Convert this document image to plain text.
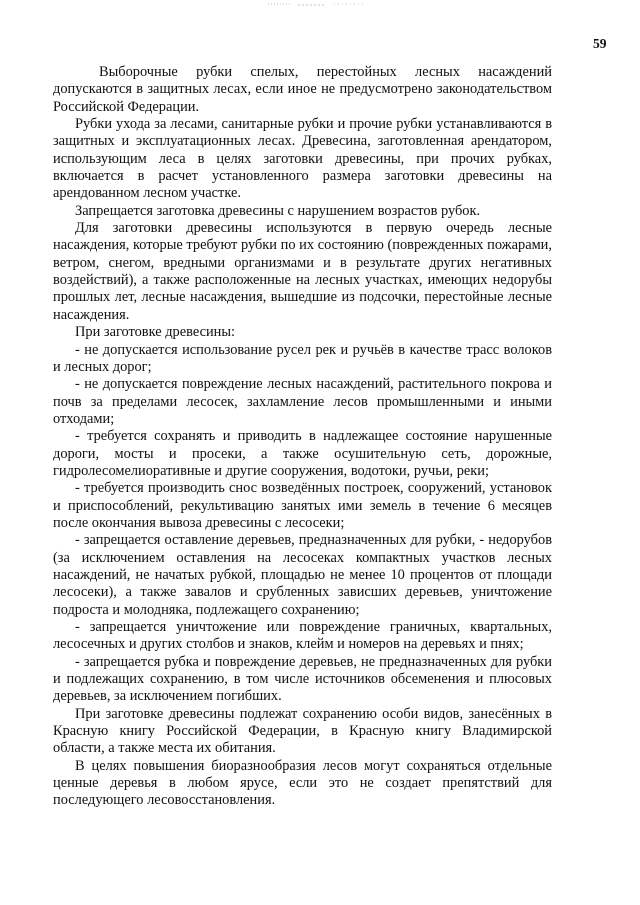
59

Выборочные рубки спелых, перестойных лесных насаждений допускаются в защитных лесах, если иное не предусмотрено законодательством Российской Федерации.

Рубки ухода за лесами, санитарные рубки и прочие рубки устанавливаются в защитных и эксплуатационных лесах. Древесина, заготовленная арендатором, использующим леса в целях заготовки древесины, при прочих рубках, включается в расчет установленного размера заготовки древесины на арендованном лесном участке.

Запрещается заготовка древесины с нарушением возрастов рубок.

Для заготовки древесины используются в первую очередь лесные насаждения, которые требуют рубки по их состоянию (поврежденных пожарами, ветром, снегом, вредными организмами и в результате других негативных воздействий), а также расположенные на лесных участках, имеющих недорубы прошлых лет, лесные насаждения, вышедшие из подсочки, перестойные лесные насаждения.

При заготовке древесины:

- не допускается использование русел рек и ручьёв в качестве трасс волоков и лесных дорог;

- не допускается повреждение лесных насаждений, растительного покрова и почв за пределами лесосек, захламление лесов промышленными и иными отходами;

- требуется сохранять и приводить в надлежащее состояние нарушенные дороги, мосты и просеки, а также осушительную сеть, дорожные, гидролесомелиоративные и другие сооружения, водотоки, ручьи, реки;

- требуется производить снос возведённых построек, сооружений, установок и приспособлений, рекультивацию занятых ими земель в течение 6 месяцев после окончания вывоза древесины с лесосеки;

- запрещается оставление деревьев, предназначенных для рубки, - недорубов (за исключением оставления на лесосеках компактных участков лесных насаждений, не начатых рубкой, площадью не менее 10 процентов от площади лесосеки), а также завалов и срубленных зависших деревьев, уничтожение подроста и молодняка, подлежащего сохранению;

- запрещается уничтожение или повреждение граничных, квартальных, лесосечных и других столбов и знаков, клейм и номеров на деревьях и пнях;

- запрещается рубка и повреждение деревьев, не предназначенных для рубки и подлежащих сохранению, в том числе источников обсеменения и плюсовых деревьев, за исключением погибших.

При заготовке древесины подлежат сохранению особи видов, занесённых в Красную книгу Российской Федерации, в Красную книгу Владимирской области, а также места их обитания.

В целях повышения биоразнообразия лесов могут сохраняться отдельные ценные деревья в любом ярусе, если это не создает препятствий для последующего лесовосстановления.
